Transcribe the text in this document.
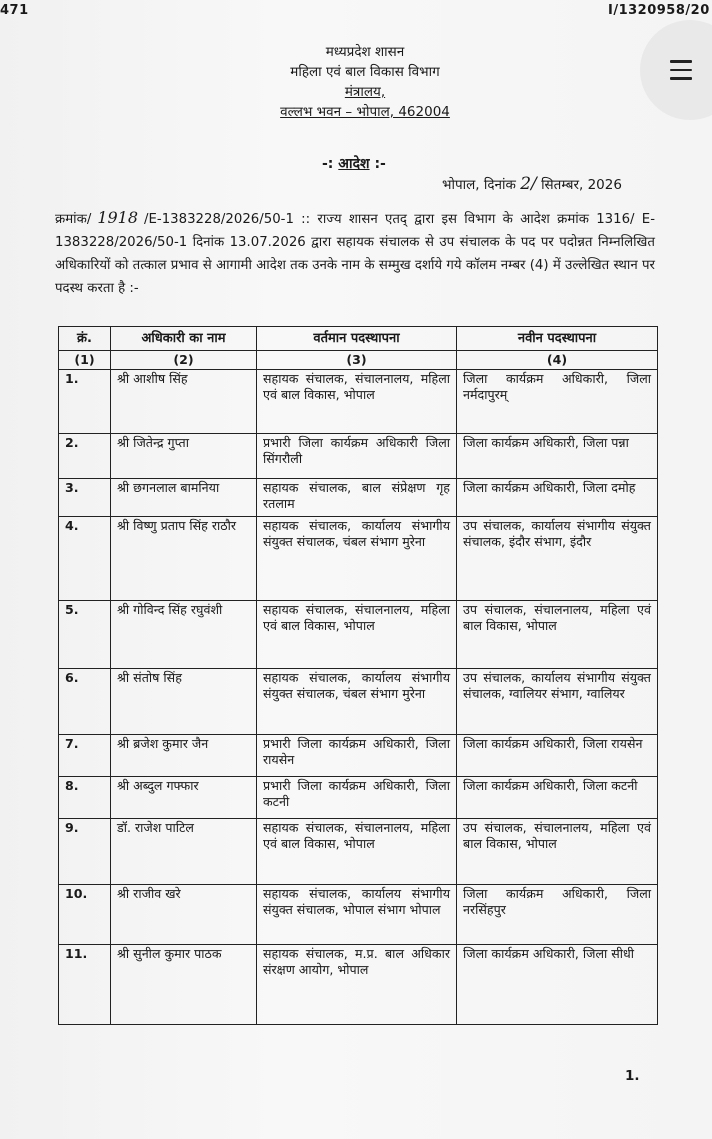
471	I/1320958/20
मध्यप्रदेश शासन
महिला एवं बाल विकास विभाग
मंत्रालय,
वल्लभ भवन – भोपाल, 462004
-: आदेश :-
भोपाल, दिनांक 2/ सितम्बर, 2026
क्रमांक/ 1918 /E-1383228/2026/50-1 :: राज्य शासन एतद् द्वारा इस विभाग के आदेश क्रमांक 1316/ E-1383228/2026/50-1 दिनांक 13.07.2026 द्वारा सहायक संचालक से उप संचालक के पद पर पदोन्नत निम्नलिखित अधिकारियों को तत्काल प्रभाव से आगामी आदेश तक उनके नाम के सम्मुख दर्शाये गये कॉलम नम्बर (4) में उल्लेखित स्थान पर पदस्थ करता है :-
क्रं.	अधिकारी का नाम	वर्तमान पदस्थापना	नवीन पदस्थापना
(1)	(2)	(3)	(4)
1.	श्री आशीष सिंह	सहायक संचालक, संचालनालय, महिला एवं बाल विकास, भोपाल	जिला कार्यक्रम अधिकारी, जिला नर्मदापुरम्
2.	श्री जितेन्द्र गुप्ता	प्रभारी जिला कार्यक्रम अधिकारी जिला सिंगरौली	जिला कार्यक्रम अधिकारी, जिला पन्ना
3.	श्री छगनलाल बामनिया	सहायक संचालक, बाल संप्रेक्षण गृह रतलाम	जिला कार्यक्रम अधिकारी, जिला दमोह
4.	श्री विष्णु प्रताप सिंह राठौर	सहायक संचालक, कार्यालय संभागीय संयुक्त संचालक, चंबल संभाग मुरेना	उप संचालक, कार्यालय संभागीय संयुक्त संचालक, इंदौर संभाग, इंदौर
5.	श्री गोविन्द सिंह रघुवंशी	सहायक संचालक, संचालनालय, महिला एवं बाल विकास, भोपाल	उप संचालक, संचालनालय, महिला एवं बाल विकास, भोपाल
6.	श्री संतोष सिंह	सहायक संचालक, कार्यालय संभागीय संयुक्त संचालक, चंबल संभाग मुरेना	उप संचालक, कार्यालय संभागीय संयुक्त संचालक, ग्वालियर संभाग, ग्वालियर
7.	श्री ब्रजेश कुमार जैन	प्रभारी जिला कार्यक्रम अधिकारी, जिला रायसेन	जिला कार्यक्रम अधिकारी, जिला रायसेन
8.	श्री अब्दुल गफ्फार	प्रभारी जिला कार्यक्रम अधिकारी, जिला कटनी	जिला कार्यक्रम अधिकारी, जिला कटनी
9.	डॉ. राजेश पाटिल	सहायक संचालक, संचालनालय, महिला एवं बाल विकास, भोपाल	उप संचालक, संचालनालय, महिला एवं बाल विकास, भोपाल
10.	श्री राजीव खरे	सहायक संचालक, कार्यालय संभागीय संयुक्त संचालक, भोपाल संभाग भोपाल	जिला कार्यक्रम अधिकारी, जिला नरसिंहपुर
11.	श्री सुनील कुमार पाठक	सहायक संचालक, म.प्र. बाल अधिकार संरक्षण आयोग, भोपाल	जिला कार्यक्रम अधिकारी, जिला सीधी
1.
